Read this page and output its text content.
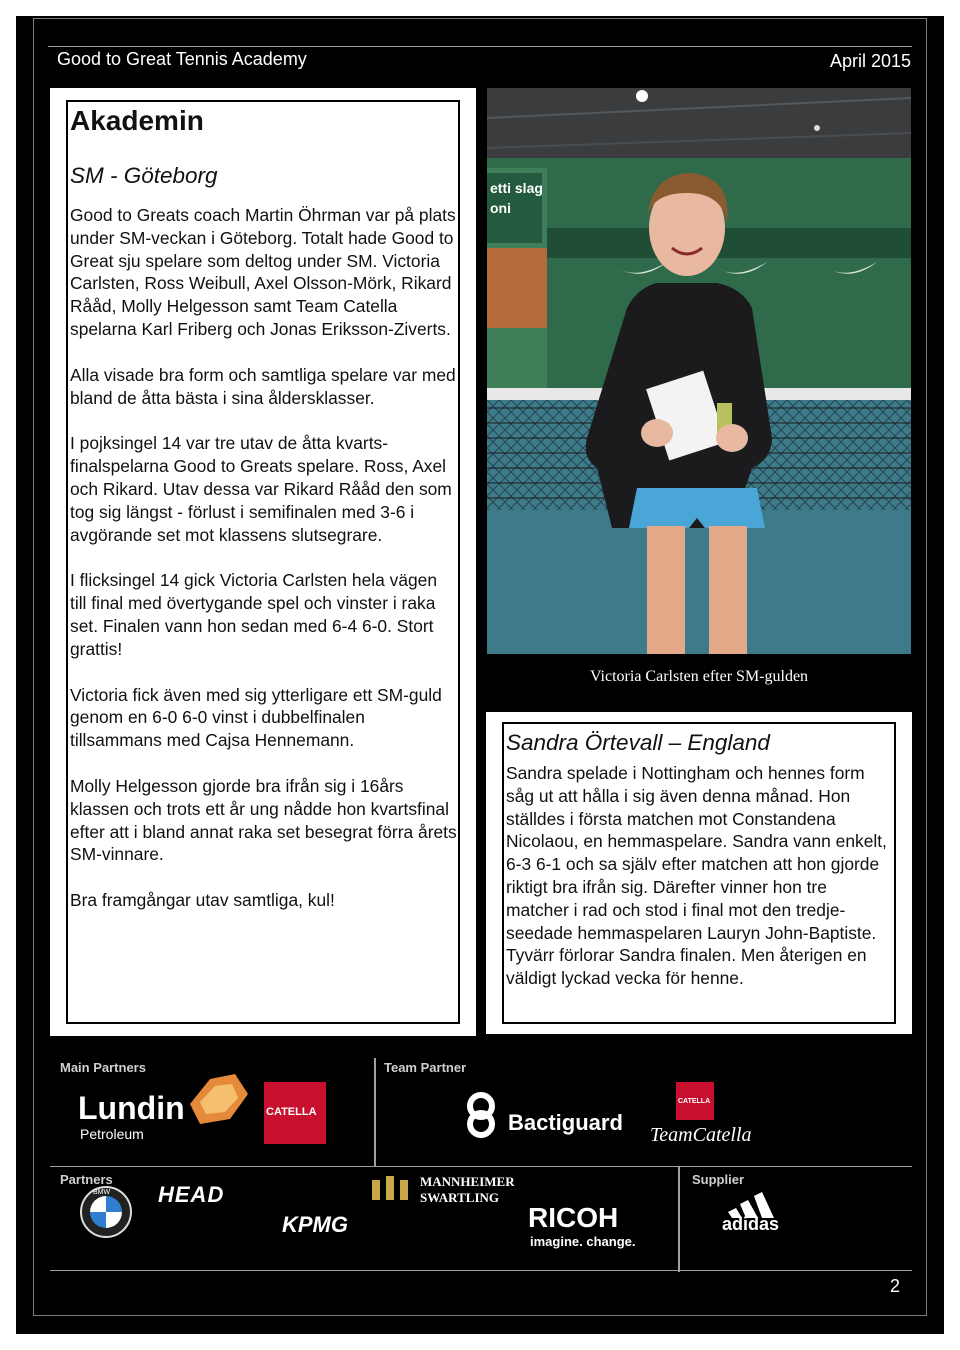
Good to Great Tennis Academy	April 2015
Akademin
SM - Göteborg

Good to Greats coach Martin Öhrman var på plats under SM-veckan i Göteborg. Totalt hade Good to Great sju spelare som deltog under SM. Victoria Carlsten, Ross Weibull, Axel Olsson-Mörk, Rikard Rååd, Molly Helgesson samt Team Catella spelarna Karl Friberg och Jonas Eriksson-Ziverts.

Alla visade bra form och samtliga spelare var med bland de åtta bästa i sina åldersklasser.

I pojksingel 14 var tre utav de åtta kvarts-finalspelarna Good to Greats spelare. Ross, Axel och Rikard. Utav dessa var Rikard Rååd den som tog sig längst - förlust i semifinalen med 3-6 i avgörande set mot klassens slutsegrare.

I flicksingel 14 gick Victoria Carlsten hela vägen till final med övertygande spel och vinster i raka set. Finalen vann hon sedan med 6-4 6-0. Stort grattis!

Victoria fick även med sig ytterligare ett SM-guld genom en 6-0 6-0 vinst i dubbelfinalen tillsammans med Cajsa Hennemann.

Molly Helgesson gjorde bra ifrån sig i 16års klassen och trots ett år ung nådde hon kvartsfinal efter att i bland annat raka set besegrat förra årets SM-vinnare.

Bra framgångar utav samtliga, kul!

etti slag
oni
Victoria Carlsten efter SM-gulden
Sandra Örtevall – England

Sandra spelade i Nottingham och hennes form såg ut att hålla i sig även denna månad. Hon ställdes i första matchen mot Constandena Nicolaou, en hemmaspelare. Sandra vann enkelt, 6-3 6-1 och sa själv efter matchen att hon gjorde riktigt bra ifrån sig. Därefter vinner hon tre matcher i rad och stod i final mot den tredje-seedade hemmaspelaren Lauryn John-Baptiste. Tyvärr förlorar Sandra finalen. Men återigen en väldigt lyckad vecka för henne.

Main Partners	Team Partner
Partners	Supplier
Lundin
Petroleum
CATELLA	Bactiguard
CATELLA
TeamCatella
BMW HEAD
KPMG
MANNHEIMER
SWARTLING
RICOH
imagine. change.
adidas
2
